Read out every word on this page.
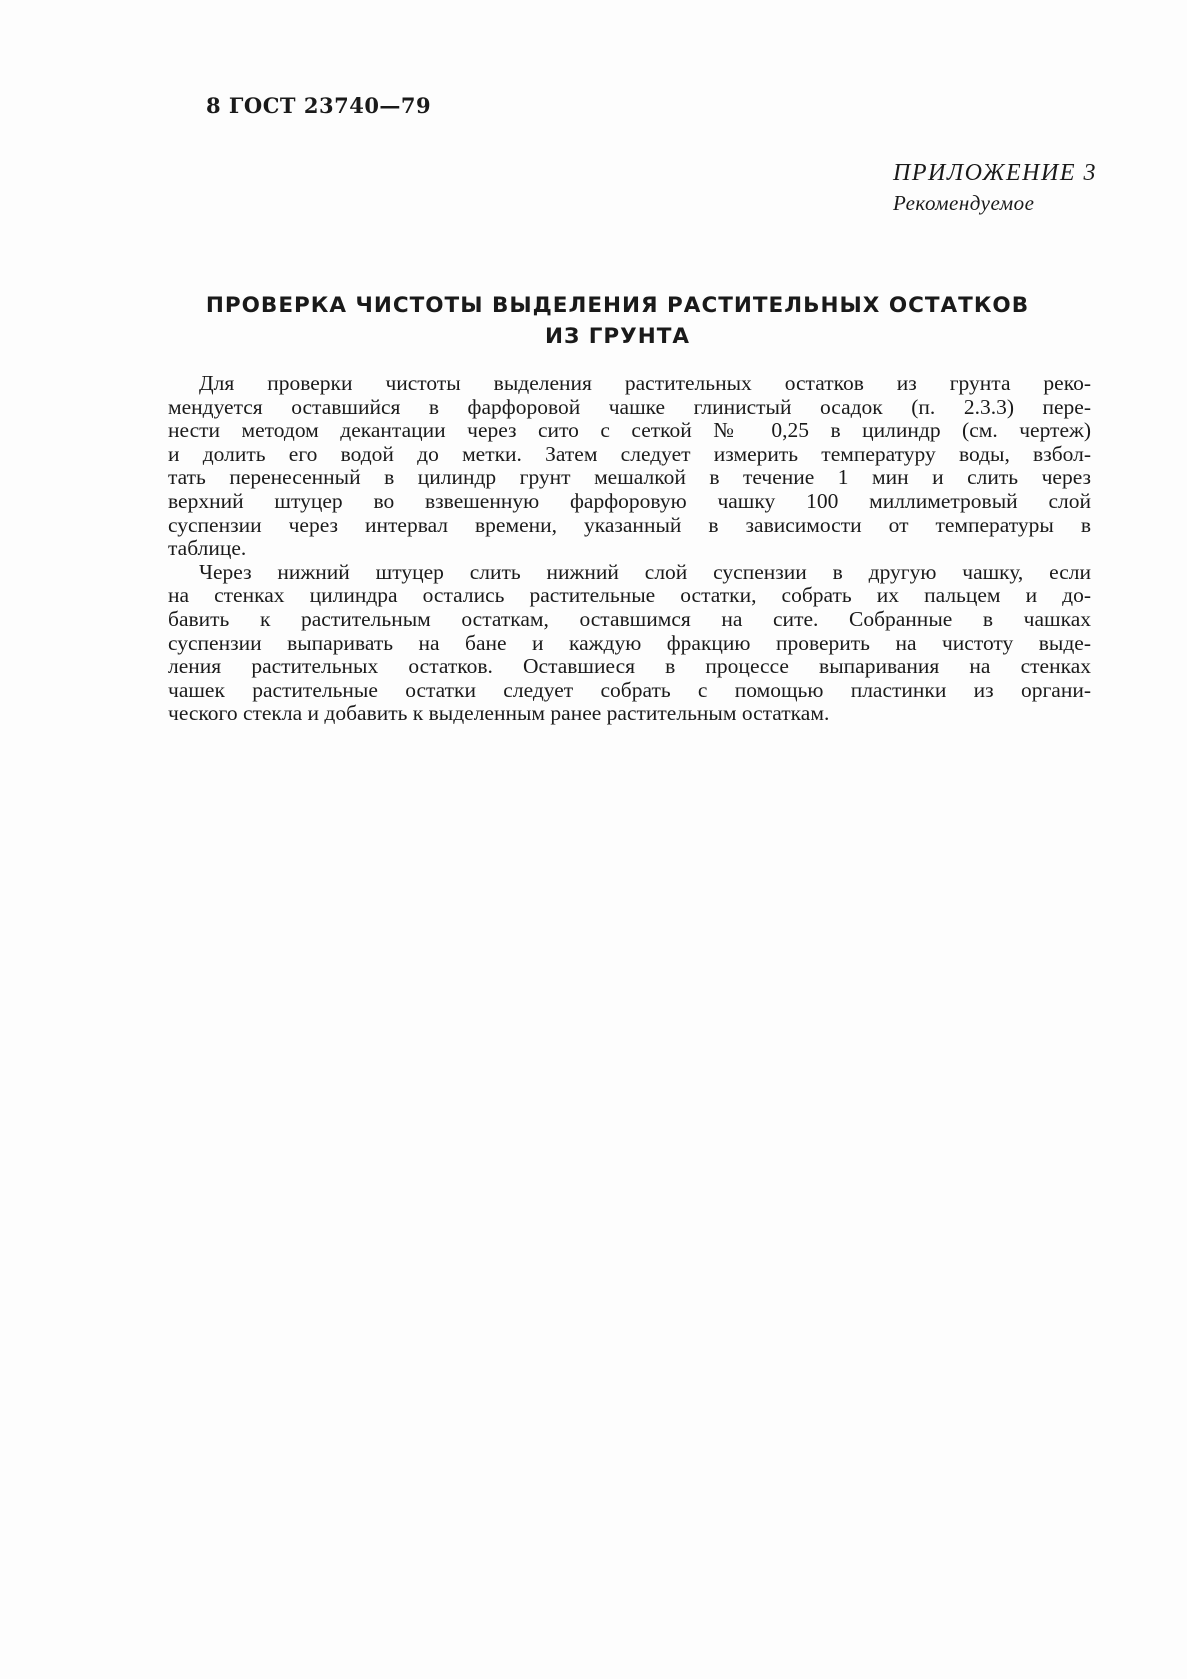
8 ГОСТ 23740—79
ПРИЛОЖЕНИЕ 3
Рекомендуемое
ПРОВЕРКА ЧИСТОТЫ ВЫДЕЛЕНИЯ РАСТИТЕЛЬНЫХ ОСТАТКОВ
ИЗ ГРУНТА
Для проверки чистоты выделения растительных остатков из грунта реко-
мендуется оставшийся в фарфоровой чашке глинистый осадок (п. 2.3.3) пере-
нести методом декантации через сито с сеткой № 0,25 в цилиндр (см. чертеж)
и долить его водой до метки. Затем следует измерить температуру воды, взбол-
тать перенесенный в цилиндр грунт мешалкой в течение 1 мин и слить через
верхний штуцер во взвешенную фарфоровую чашку 100 миллиметровый слой
суспензии через интервал времени, указанный в зависимости от температуры в
таблице.
Через нижний штуцер слить нижний слой суспензии в другую чашку, если
на стенках цилиндра остались растительные остатки, собрать их пальцем и до-
бавить к растительным остаткам, оставшимся на сите. Собранные в чашках
суспензии выпаривать на бане и каждую фракцию проверить на чистоту выде-
ления растительных остатков. Оставшиеся в процессе выпаривания на стенках
чашек растительные остатки следует собрать с помощью пластинки из органи-
ческого стекла и добавить к выделенным ранее растительным остаткам.
